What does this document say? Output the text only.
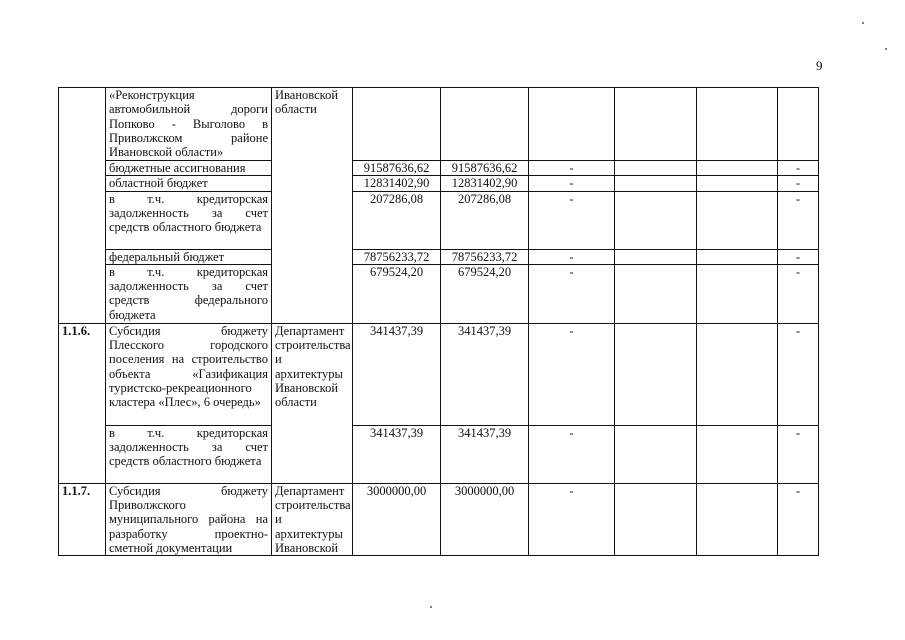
9
	«Реконструкция автомобильной дороги Попково - Выголово в Приволжском районе Ивановской области»	Ивановской области						
	бюджетные ассигнования		91587636,62	91587636,62	-			-
	областной бюджет		12831402,90	12831402,90	-			-
	в т.ч. кредиторская задолженность за счет средств областного бюджета		207286,08	207286,08	-			-
	федеральный бюджет		78756233,72	78756233,72	-			-
	в т.ч. кредиторская задолженность за счет средств федерального бюджета		679524,20	679524,20	-			-
1.1.6.	Субсидия бюджету Плесского городского поселения на строительство объекта «Газификация туристско-рекреационного кластера «Плес», 6 очередь»	Департамент строительства и архитектуры Ивановской области	341437,39	341437,39	-			-
	в т.ч. кредиторская задолженность за счет средств областного бюджета		341437,39	341437,39	-			-
1.1.7.	Субсидия бюджету Приволжского муниципального района на разработку проектно-сметной документации	Департамент строительства и архитектуры Ивановской	3000000,00	3000000,00	-			-
